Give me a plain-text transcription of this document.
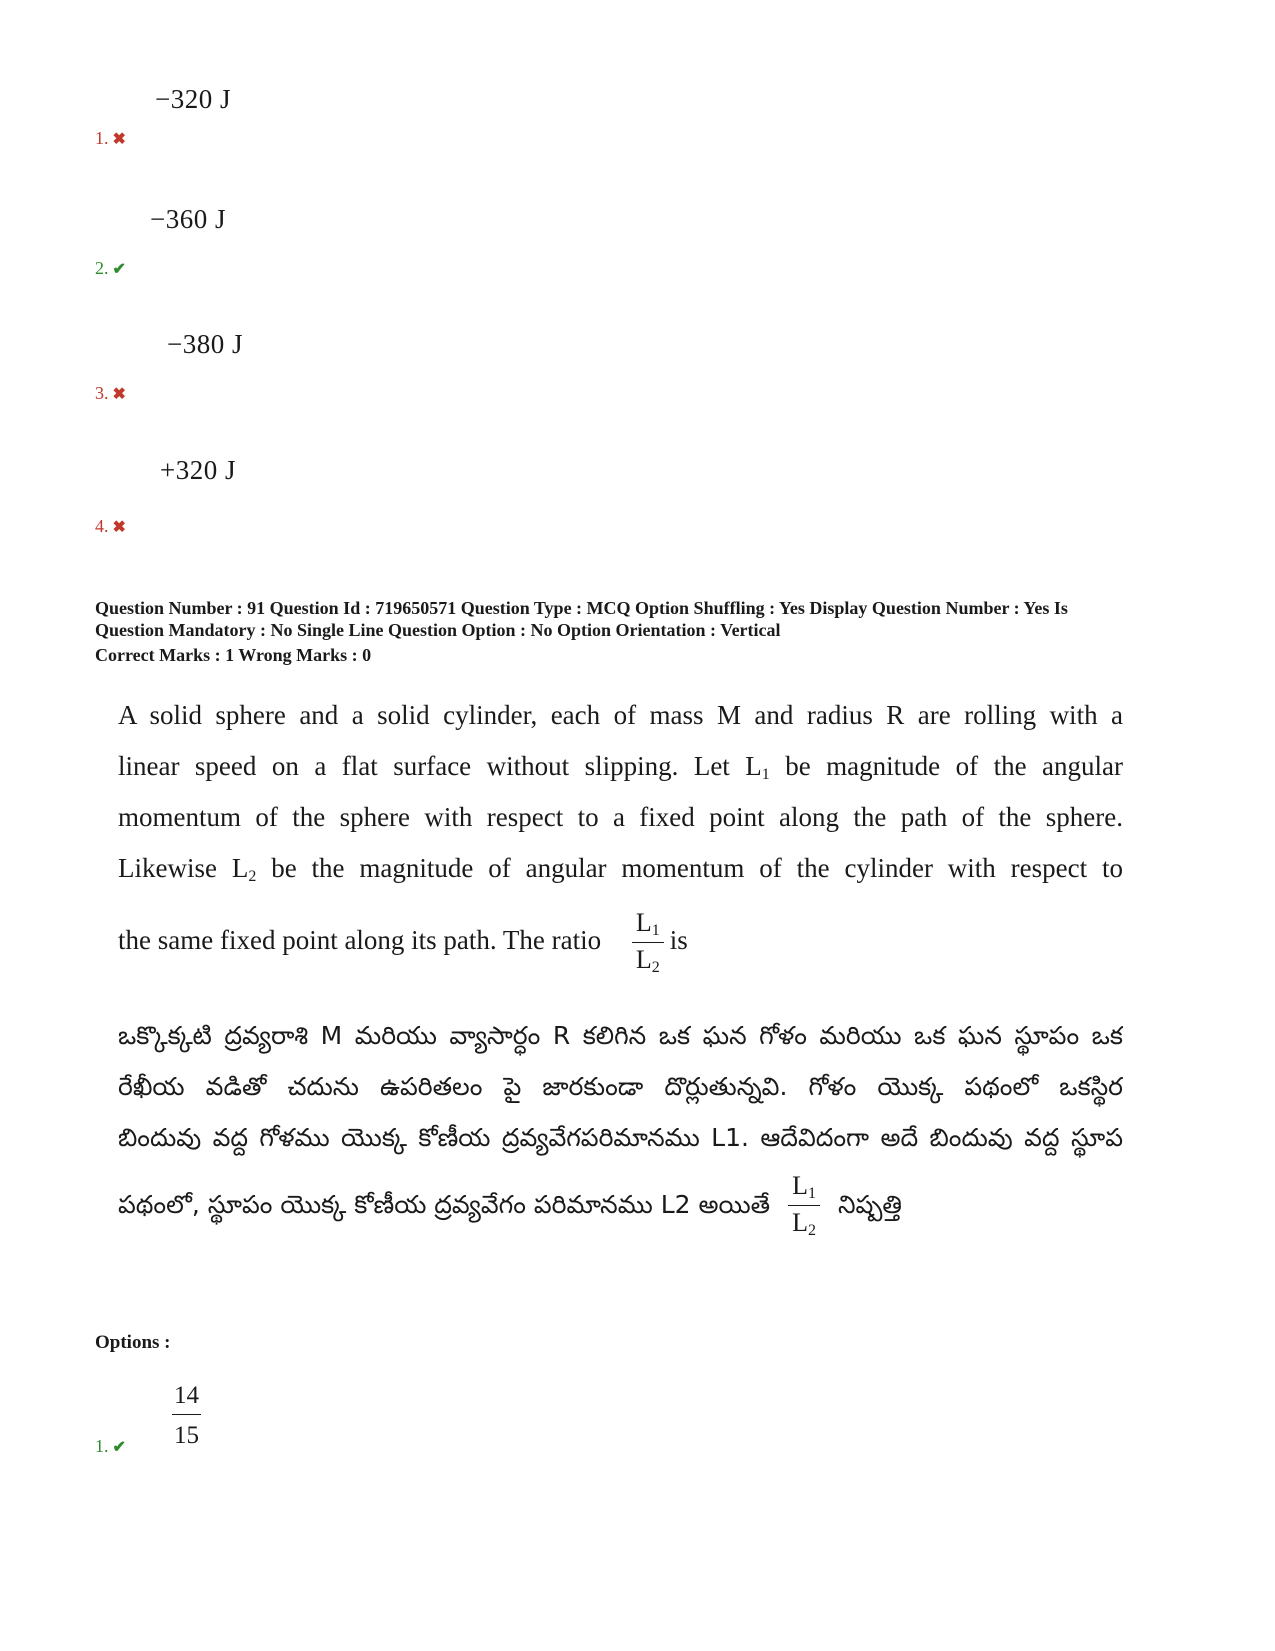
−320 J
1. ✖
−360 J
2. ✔
−380 J
3. ✖
+320 J
4. ✖
Question Number : 91 Question Id : 719650571 Question Type : MCQ Option Shuffling : Yes Display Question Number : Yes Is
Question Mandatory : No Single Line Question Option : No Option Orientation : Vertical
Correct Marks : 1 Wrong Marks : 0
A solid sphere and a solid cylinder, each of mass M and radius R are rolling with a
linear speed on a flat surface without slipping. Let $L_1$ be magnitude of the angular
momentum of the sphere with respect to a fixed point along the path of the sphere.
Likewise $L_2$ be the magnitude of angular momentum of the cylinder with respect to
the same fixed point along its path. The ratio $\frac{L_1}{L_2}$ is
ఒక్కొక్కటి ద్రవ్యరాశి M మరియు వ్యాసార్ధం R కలిగిన ఒక ఘన గోళం మరియు ఒక ఘన స్థూపం ఒక
రేఖీయ వడితో చదును ఉపరితలం పై జారకుండా దొర్లుతున్నవి. గోళం యొక్క పథంలో ఒకస్థిర
బిందువు వద్ద గోళము యొక్క కోణీయ ద్రవ్యవేగపరిమానము L1. ఆదేవిదంగా అదే బిందువు వద్ద స్థూప
పథంలో, స్థూపం యొక్క కోణీయ ద్రవ్యవేగం పరిమానము L2 అయితే $\frac{L_1}{L_2}$ నిష్పత్తి
Options :
$\frac{14}{15}$
1. ✔
